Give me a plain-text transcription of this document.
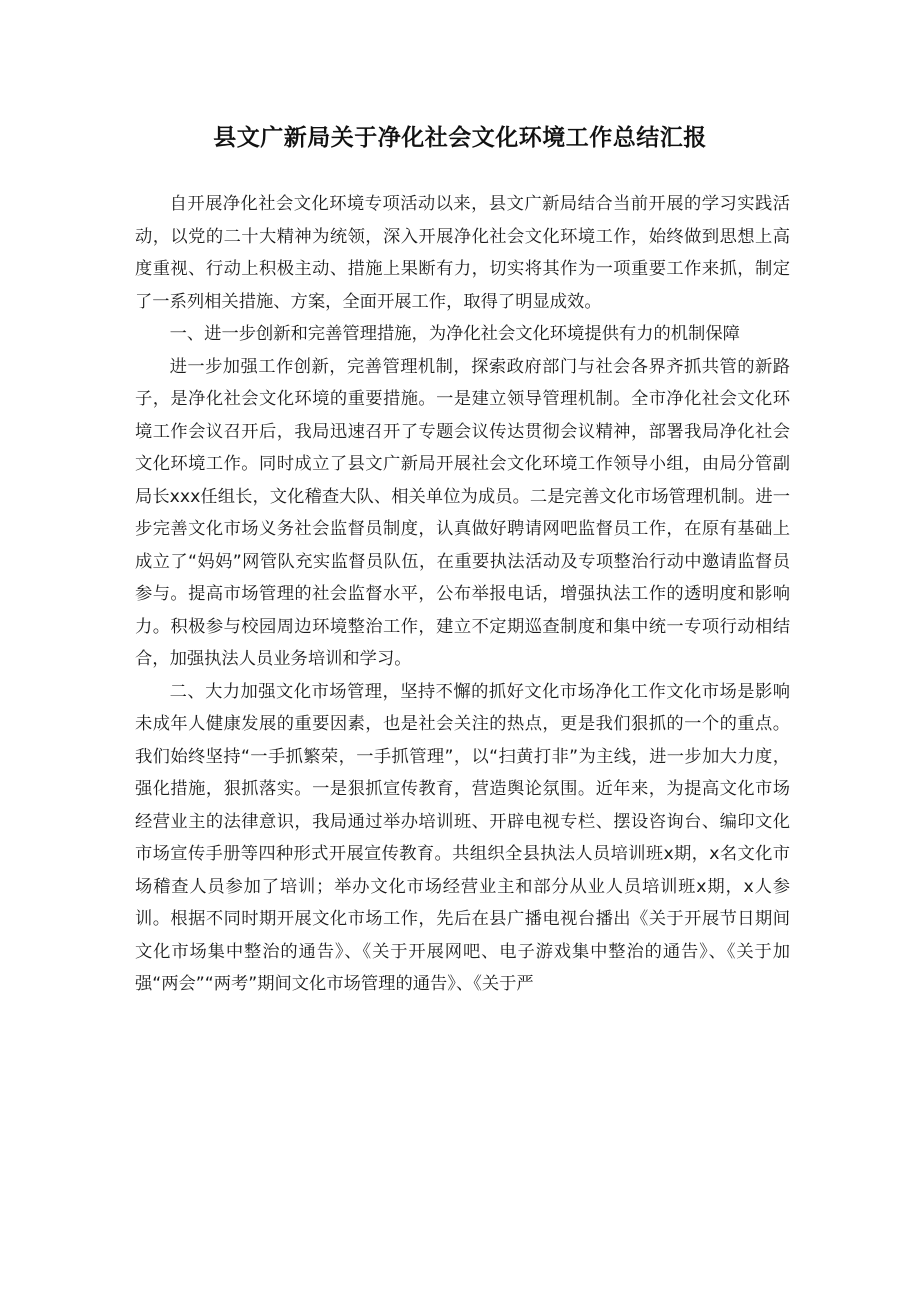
县文广新局关于净化社会文化环境工作总结汇报

自开展净化社会文化环境专项活动以来，县文广新局结合当前开展的学习实践活动，以党的二十大精神为统领，深入开展净化社会文化环境工作，始终做到思想上高度重视、行动上积极主动、措施上果断有力，切实将其作为一项重要工作来抓，制定了一系列相关措施、方案，全面开展工作，取得了明显成效。

一、进一步创新和完善管理措施，为净化社会文化环境提供有力的机制保障

进一步加强工作创新，完善管理机制，探索政府部门与社会各界齐抓共管的新路子，是净化社会文化环境的重要措施。一是建立领导管理机制。全市净化社会文化环境工作会议召开后，我局迅速召开了专题会议传达贯彻会议精神，部署我局净化社会文化环境工作。同时成立了县文广新局开展社会文化环境工作领导小组，由局分管副局长xxx任组长，文化稽查大队、相关单位为成员。二是完善文化市场管理机制。进一步完善文化市场义务社会监督员制度，认真做好聘请网吧监督员工作，在原有基础上成立了“妈妈”网管队充实监督员队伍，在重要执法活动及专项整治行动中邀请监督员参与。提高市场管理的社会监督水平，公布举报电话，增强执法工作的透明度和影响力。积极参与校园周边环境整治工作，建立不定期巡查制度和集中统一专项行动相结合，加强执法人员业务培训和学习。

二、大力加强文化市场管理，坚持不懈的抓好文化市场净化工作文化市场是影响未成年人健康发展的重要因素，也是社会关注的热点，更是我们狠抓的一个的重点。我们始终坚持“一手抓繁荣，一手抓管理”，以“扫黄打非”为主线，进一步加大力度，强化措施，狠抓落实。一是狠抓宣传教育，营造舆论氛围。近年来，为提高文化市场经营业主的法律意识，我局通过举办培训班、开辟电视专栏、摆设咨询台、编印文化市场宣传手册等四种形式开展宣传教育。共组织全县执法人员培训班x期，x名文化市场稽查人员参加了培训；举办文化市场经营业主和部分从业人员培训班x期，x人参训。根据不同时期开展文化市场工作，先后在县广播电视台播出《关于开展节日期间文化市场集中整治的通告》、《关于开展网吧、电子游戏集中整治的通告》、《关于加强“两会”“两考”期间文化市场管理的通告》、《关于严
